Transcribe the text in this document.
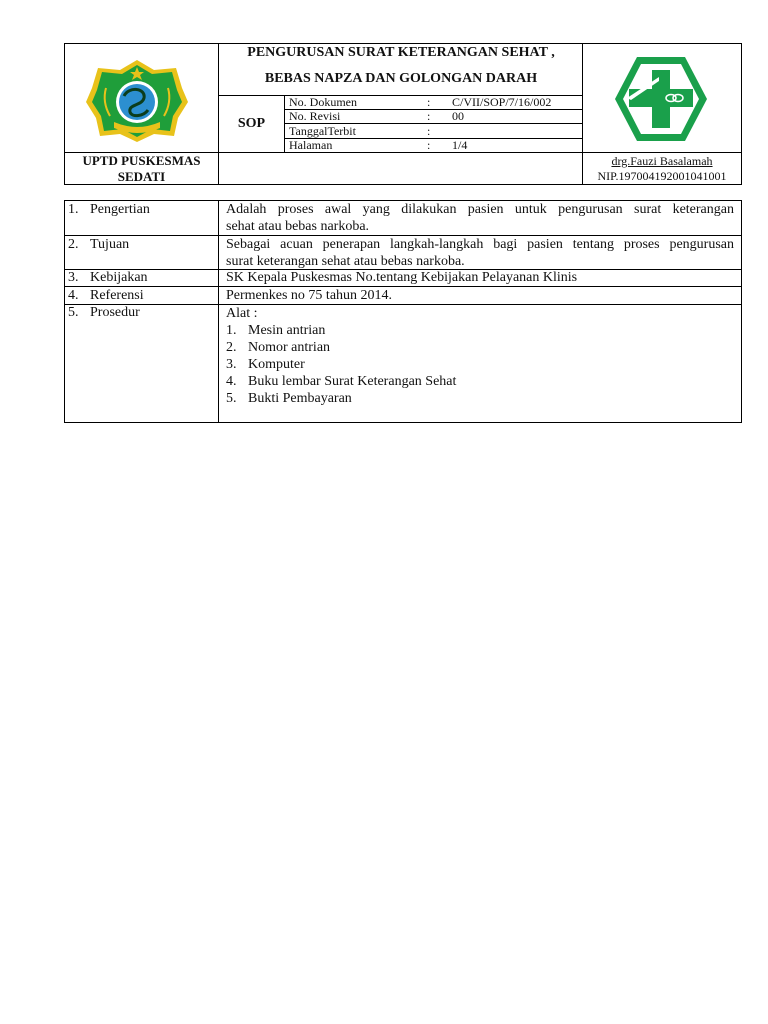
PENGURUSAN SURAT KETERANGAN SEHAT ,
BEBAS NAPZA DAN GOLONGAN DARAH
SOP
No. Dokumen	: C/VII/SOP/7/16/002
No. Revisi	: 00
TanggalTerbit	:
Halaman	: 1/4
UPTD PUSKESMAS
SEDATI
drg.Fauzi Basalamah
NIP.197004192001041001
1. Pengertian	Adalah proses awal yang dilakukan pasien untuk pengurusan surat keterangan
sehat atau bebas narkoba.
2. Tujuan	Sebagai acuan penerapan langkah-langkah bagi pasien tentang proses pengurusan
surat keterangan sehat atau bebas narkoba.
3. Kebijakan	SK Kepala Puskesmas No.tentang Kebijakan Pelayanan Klinis
4. Referensi	Permenkes no 75 tahun 2014.
5. Prosedur	Alat :
1. Mesin antrian
2. Nomor antrian
3. Komputer
4. Buku lembar Surat Keterangan Sehat
5. Bukti Pembayaran
